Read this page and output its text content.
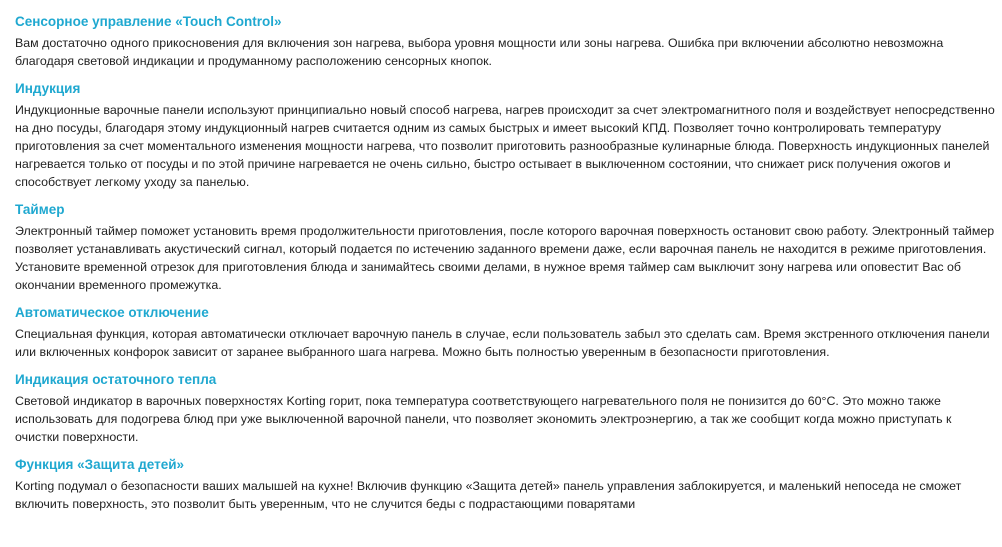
Сенсорное управление «Touch Control»

Вам достаточно одного прикосновения для включения зон нагрева, выбора уровня мощности или зоны нагрева. Ошибка при включении абсолютно невозможна благодаря световой индикации и продуманному расположению сенсорных кнопок.

Индукция

Индукционные варочные панели используют принципиально новый способ нагрева, нагрев происходит за счет электромагнитного поля и воздействует непосредственно на дно посуды, благодаря этому индукционный нагрев считается одним из самых быстрых и имеет высокий КПД. Позволяет точно контролировать температуру приготовления за счет моментального изменения мощности нагрева, что позволит приготовить разнообразные кулинарные блюда. Поверхность индукционных панелей нагревается только от посуды и по этой причине нагревается не очень сильно, быстро остывает в выключенном состоянии, что снижает риск получения ожогов и способствует легкому уходу за панелью.

Таймер

Электронный таймер поможет установить время продолжительности приготовления, после которого варочная поверхность остановит свою работу. Электронный таймер позволяет устанавливать акустический сигнал, который подается по истечению заданного времени даже, если варочная панель не находится в режиме приготовления. Установите временной отрезок для приготовления блюда и занимайтесь своими делами, в нужное время таймер сам выключит зону нагрева или оповестит Вас об окончании временного промежутка.

Автоматическое отключение

Специальная функция, которая автоматически отключает варочную панель в случае, если пользователь забыл это сделать сам. Время экстренного отключения панели или включенных конфорок зависит от заранее выбранного шага нагрева. Можно быть полностью уверенным в безопасности приготовления.

Индикация остаточного тепла

Световой индикатор в варочных поверхностях Korting горит, пока температура соответствующего нагревательного поля не понизится до 60°С. Это можно также использовать для подогрева блюд при уже выключенной варочной панели, что позволяет экономить электроэнергию, а так же сообщит когда можно приступать к очистки поверхности.

Функция «Защита детей»

Korting подумал о безопасности ваших малышей на кухне! Включив функцию «Защита детей» панель управления заблокируется, и маленький непоседа не сможет включить поверхность, это позволит быть уверенным, что не случится беды с подрастающими поварятами
